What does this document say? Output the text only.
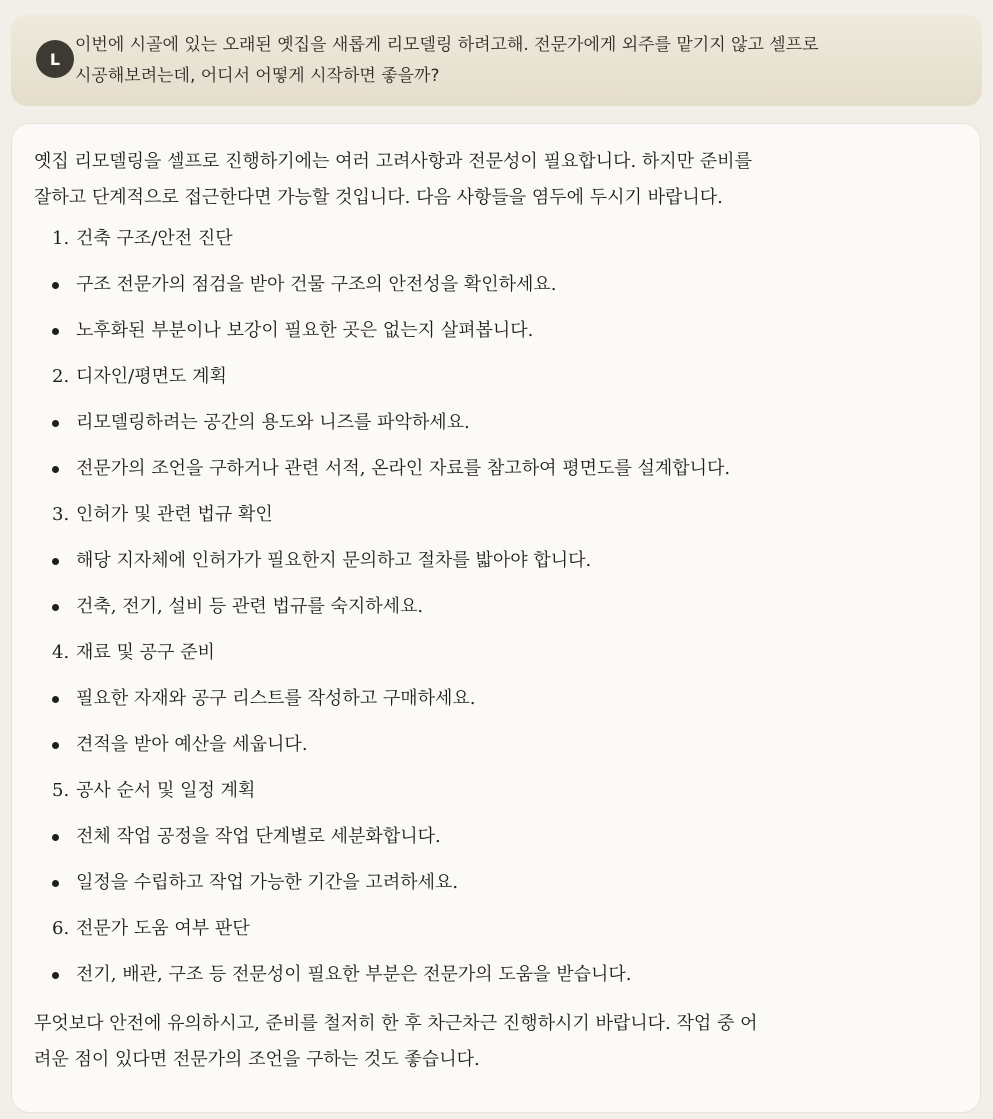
L
이번에 시골에 있는 오래된 옛집을 새롭게 리모델링 하려고해. 전문가에게 외주를 맡기지 않고 셀프로
시공해보려는데, 어디서 어떻게 시작하면 좋을까?

옛집 리모델링을 셀프로 진행하기에는 여러 고려사항과 전문성이 필요합니다. 하지만 준비를
잘하고 단계적으로 접근한다면 가능할 것입니다. 다음 사항들을 염두에 두시기 바랍니다.

1. 건축 구조/안전 진단
구조 전문가의 점검을 받아 건물 구조의 안전성을 확인하세요.
노후화된 부분이나 보강이 필요한 곳은 없는지 살펴봅니다.
2. 디자인/평면도 계획
리모델링하려는 공간의 용도와 니즈를 파악하세요.
전문가의 조언을 구하거나 관련 서적, 온라인 자료를 참고하여 평면도를 설계합니다.
3. 인허가 및 관련 법규 확인
해당 지자체에 인허가가 필요한지 문의하고 절차를 밟아야 합니다.
건축, 전기, 설비 등 관련 법규를 숙지하세요.
4. 재료 및 공구 준비
필요한 자재와 공구 리스트를 작성하고 구매하세요.
견적을 받아 예산을 세웁니다.
5. 공사 순서 및 일정 계획
전체 작업 공정을 작업 단계별로 세분화합니다.
일정을 수립하고 작업 가능한 기간을 고려하세요.
6. 전문가 도움 여부 판단
전기, 배관, 구조 등 전문성이 필요한 부분은 전문가의 도움을 받습니다.

무엇보다 안전에 유의하시고, 준비를 철저히 한 후 차근차근 진행하시기 바랍니다. 작업 중 어
려운 점이 있다면 전문가의 조언을 구하는 것도 좋습니다.
